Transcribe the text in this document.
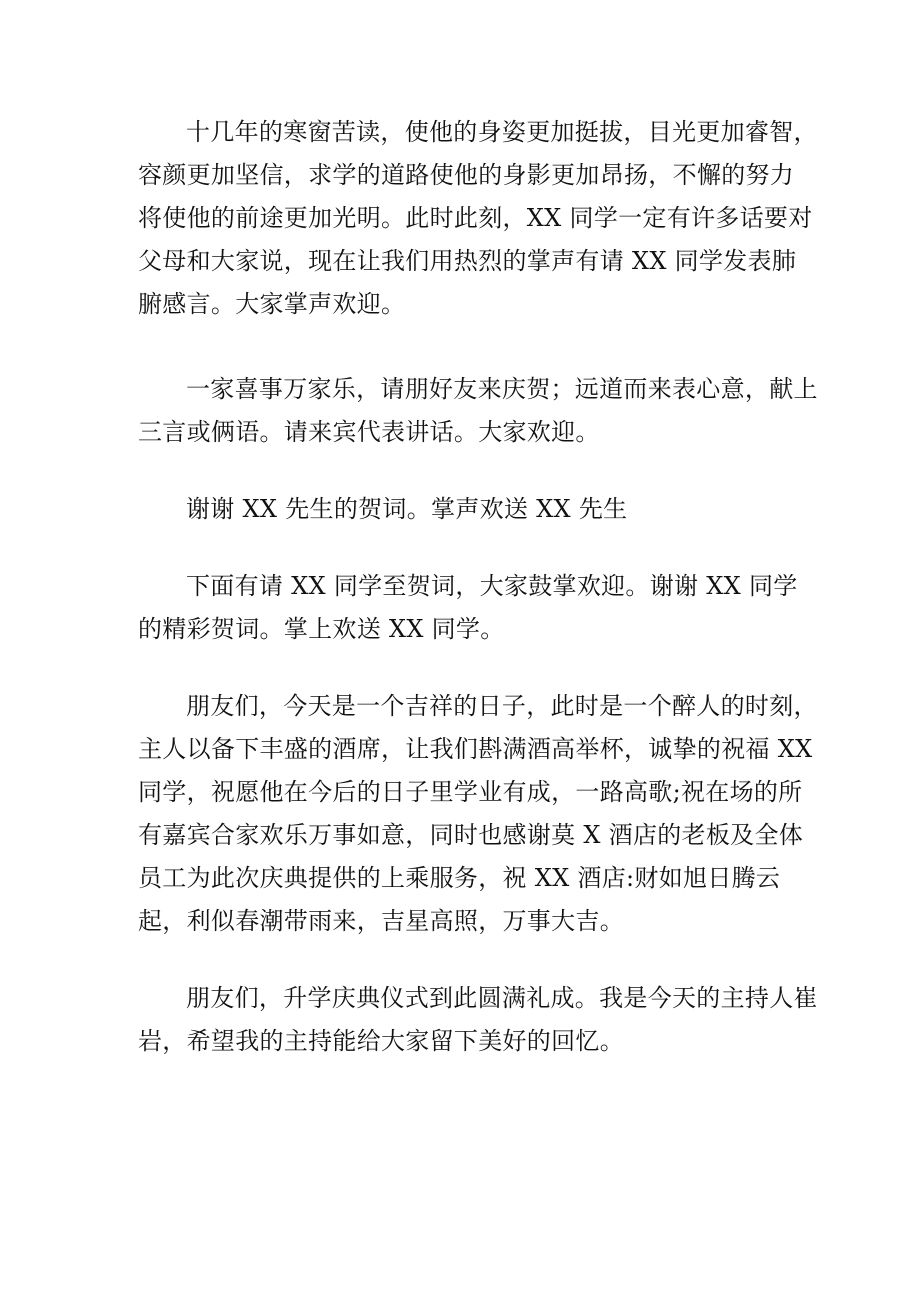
十几年的寒窗苦读，使他的身姿更加挺拔，目光更加睿智，容颜更加坚信，求学的道路使他的身影更加昂扬，不懈的努力将使他的前途更加光明。此时此刻，XX 同学一定有许多话要对父母和大家说，现在让我们用热烈的掌声有请 XX 同学发表肺腑感言。大家掌声欢迎。

一家喜事万家乐，请朋好友来庆贺；远道而来表心意，献上三言或俩语。请来宾代表讲话。大家欢迎。

谢谢 XX 先生的贺词。掌声欢送 XX 先生

下面有请 XX 同学至贺词，大家鼓掌欢迎。谢谢 XX 同学的精彩贺词。掌上欢送 XX 同学。

朋友们，今天是一个吉祥的日子，此时是一个醉人的时刻，主人以备下丰盛的酒席，让我们斟满酒高举杯，诚挚的祝福 XX 同学，祝愿他在今后的日子里学业有成，一路高歌;祝在场的所有嘉宾合家欢乐万事如意，同时也感谢莫 X 酒店的老板及全体员工为此次庆典提供的上乘服务，祝 XX 酒店:财如旭日腾云起，利似春潮带雨来，吉星高照，万事大吉。

朋友们，升学庆典仪式到此圆满礼成。我是今天的主持人崔岩，希望我的主持能给大家留下美好的回忆。
